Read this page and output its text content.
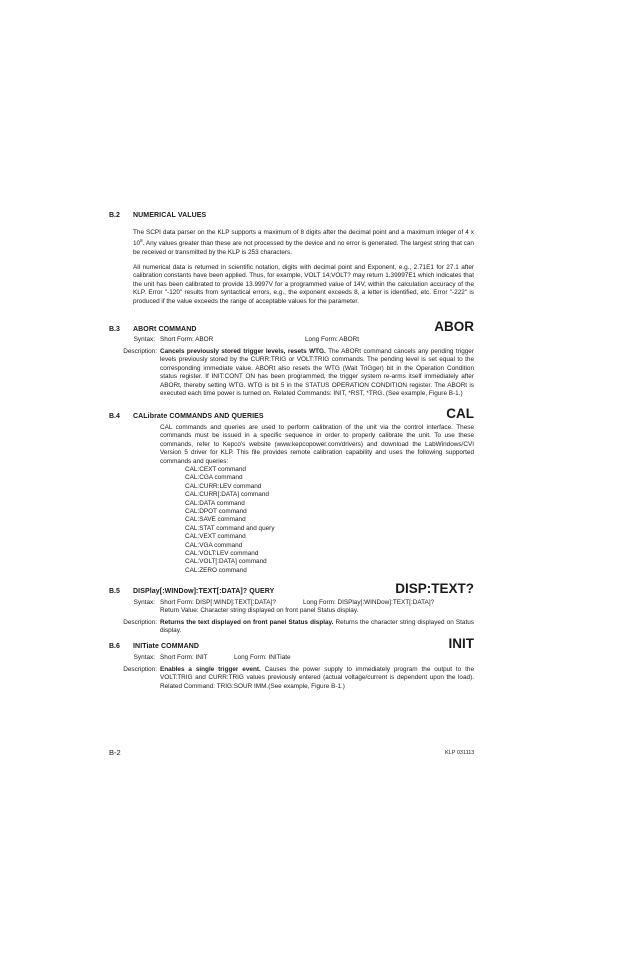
B.2 NUMERICAL VALUES
The SCPI data parser on the KLP supports a maximum of 8 digits after the decimal point and a maximum integer of 4 x $10^8$. Any values greater than these are not processed by the device and no error is generated. The largest string that can be received or transmitted by the KLP is 253 characters.
All numerical data is returned in scientific notation, digits with decimal point and Exponent, e.g., 2.71E1 for 27.1 after calibration constants have been applied. Thus, for example, VOLT 14;VOLT? may return 1.39997E1 which indicates that the unit has been calibrated to provide 13.9997V for a programmed value of 14V, within the calculation accuracy of the KLP. Error "-120" results from syntactical errors, e.g., the exponent exceeds 8, a letter is identified, etc. Error "-222" is produced if the value exceeds the range of acceptable values for the parameter.
B.3 ABORt COMMAND	ABOR
Syntax: Short Form: ABOR	Long Form: ABORt
Description: Cancels previously stored trigger levels, resets WTG. The ABORt command cancels any pending trigger levels previously stored by the CURR:TRIG or VOLT:TRIG commands. The pending level is set equal to the corresponding immediate value. ABORt also resets the WTG (Wait TriGger) bit in the Operation Condition status register. If INIT:CONT ON has been programmed, the trigger system re-arms itself immediately after ABORt, thereby setting WTG. WTG is bit 5 in the STATUS OPERATION CONDITION register. The ABORt is executed each time power is turned on. Related Commands: INIT, *RST, *TRG. (See example, Figure B-1.)
B.4 CALibrate COMMANDS AND QUERIES	CAL
CAL commands and queries are used to perform calibration of the unit via the control interface. These commands must be issued in a specific sequence in order to properly calibrate the unit. To use these commands, refer to Kepco's website (www.kepcopower.com/drivers) and download the LabWindows/CVI Version 5 driver for KLP. This file provides remote calibration capability and uses the following supported commands and queries:
CAL:CEXT command
CAL:CGA command
CAL:CURR:LEV command
CAL:CURR[:DATA] command
CAL:DATA command
CAL:DPOT command
CAL:SAVE command
CAL:STAT command and query
CAL:VEXT command
CAL:VGA command
CAL:VOLT:LEV command
CAL:VOLT[:DATA] command
CAL:ZERO command
B.5 DISPlay[:WINDow]:TEXT[:DATA]? QUERY	DISP:TEXT?
Syntax: Short Form: DISP[:WIND]:TEXT[:DATA]?	Long Form: DISPlay[:WINDow]:TEXT[:DATA]?
Return Value: Character string displayed on front panel Status display.
Description: Returns the text displayed on front panel Status display. Returns the character string displayed on Status display.
B.6 INITiate COMMAND	INIT
Syntax: Short Form: INIT	Long Form: INITiate
Description: Enables a single trigger event. Causes the power supply to immediately program the output to the VOLT:TRIG and CURR:TRIG values previously entered (actual voltage/current is dependent upon the load). Related Command: TRIG:SOUR IMM.(See example, Figure B-1.)
B-2	KLP 031113
